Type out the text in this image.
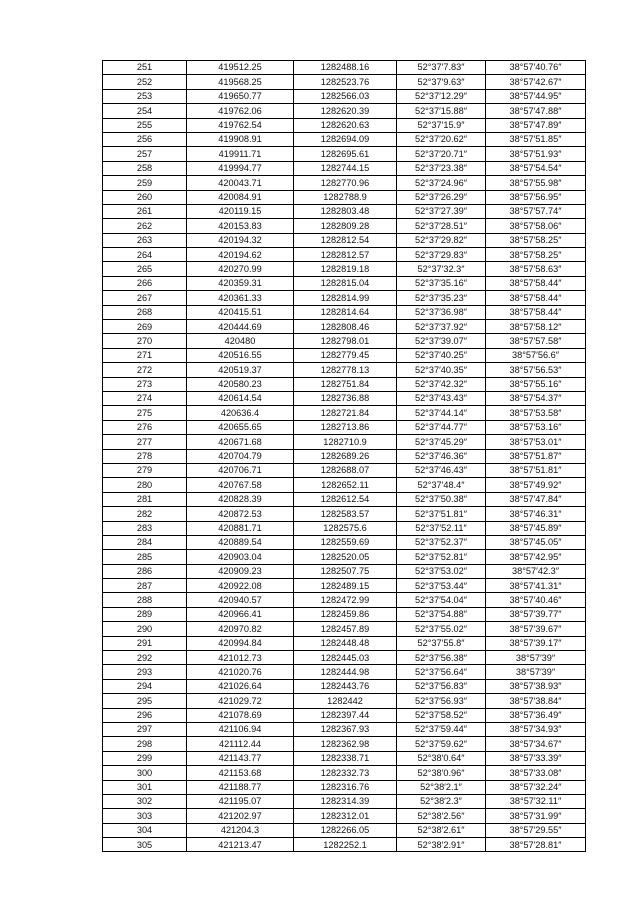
251	419512.25	1282488.16	52°37′7.83″	38°57′40.76″
252	419568.25	1282523.76	52°37′9.63″	38°57′42.67″
253	419650.77	1282566.03	52°37′12.29″	38°57′44.95″
254	419762.06	1282620.39	52°37′15.88″	38°57′47.88″
255	419762.54	1282620.63	52°37′15.9″	38°57′47.89″
256	419908.91	1282694.09	52°37′20.62″	38°57′51.85″
257	419911.71	1282695.61	52°37′20.71″	38°57′51.93″
258	419994.77	1282744.15	52°37′23.38″	38°57′54.54″
259	420043.71	1282770.96	52°37′24.96″	38°57′55.98″
260	420084.91	1282788.9	52°37′26.29″	38°57′56.95″
261	420119.15	1282803.48	52°37′27.39″	38°57′57.74″
262	420153.83	1282809.28	52°37′28.51″	38°57′58.06″
263	420194.32	1282812.54	52°37′29.82″	38°57′58.25″
264	420194.62	1282812.57	52°37′29.83″	38°57′58.25″
265	420270.99	1282819.18	52°37′32.3″	38°57′58.63″
266	420359.31	1282815.04	52°37′35.16″	38°57′58.44″
267	420361.33	1282814.99	52°37′35.23″	38°57′58.44″
268	420415.51	1282814.64	52°37′36.98″	38°57′58.44″
269	420444.69	1282808.46	52°37′37.92″	38°57′58.12″
270	420480	1282798.01	52°37′39.07″	38°57′57.58″
271	420516.55	1282779.45	52°37′40.25″	38°57′56.6″
272	420519.37	1282778.13	52°37′40.35″	38°57′56.53″
273	420580.23	1282751.84	52°37′42.32″	38°57′55.16″
274	420614.54	1282736.88	52°37′43.43″	38°57′54.37″
275	420636.4	1282721.84	52°37′44.14″	38°57′53.58″
276	420655.65	1282713.86	52°37′44.77″	38°57′53.16″
277	420671.68	1282710.9	52°37′45.29″	38°57′53.01″
278	420704.79	1282689.26	52°37′46.36″	38°57′51.87″
279	420706.71	1282688.07	52°37′46.43″	38°57′51.81″
280	420767.58	1282652.11	52°37′48.4″	38°57′49.92″
281	420828.39	1282612.54	52°37′50.38″	38°57′47.84″
282	420872.53	1282583.57	52°37′51.81″	38°57′46.31″
283	420881.71	1282575.6	52°37′52.11″	38°57′45.89″
284	420889.54	1282559.69	52°37′52.37″	38°57′45.05″
285	420903.04	1282520.05	52°37′52.81″	38°57′42.95″
286	420909.23	1282507.75	52°37′53.02″	38°57′42.3″
287	420922.08	1282489.15	52°37′53.44″	38°57′41.31″
288	420940.57	1282472.99	52°37′54.04″	38°57′40.46″
289	420966.41	1282459.86	52°37′54.88″	38°57′39.77″
290	420970.82	1282457.89	52°37′55.02″	38°57′39.67″
291	420994.84	1282448.48	52°37′55.8″	38°57′39.17″
292	421012.73	1282445.03	52°37′56.38″	38°57′39″
293	421020.76	1282444.98	52°37′56.64″	38°57′39″
294	421026.64	1282443.76	52°37′56.83″	38°57′38.93″
295	421029.72	1282442	52°37′56.93″	38°57′38.84″
296	421078.69	1282397.44	52°37′58.52″	38°57′36.49″
297	421106.94	1282367.93	52°37′59.44″	38°57′34.93″
298	421112.44	1282362.98	52°37′59.62″	38°57′34.67″
299	421143.77	1282338.71	52°38′0.64″	38°57′33.39″
300	421153.68	1282332.73	52°38′0.96″	38°57′33.08″
301	421188.77	1282316.76	52°38′2.1″	38°57′32.24″
302	421195.07	1282314.39	52°38′2.3″	38°57′32.11″
303	421202.97	1282312.01	52°38′2.56″	38°57′31.99″
304	421204.3	1282266.05	52°38′2.61″	38°57′29.55″
305	421213.47	1282252.1	52°38′2.91″	38°57′28.81″
